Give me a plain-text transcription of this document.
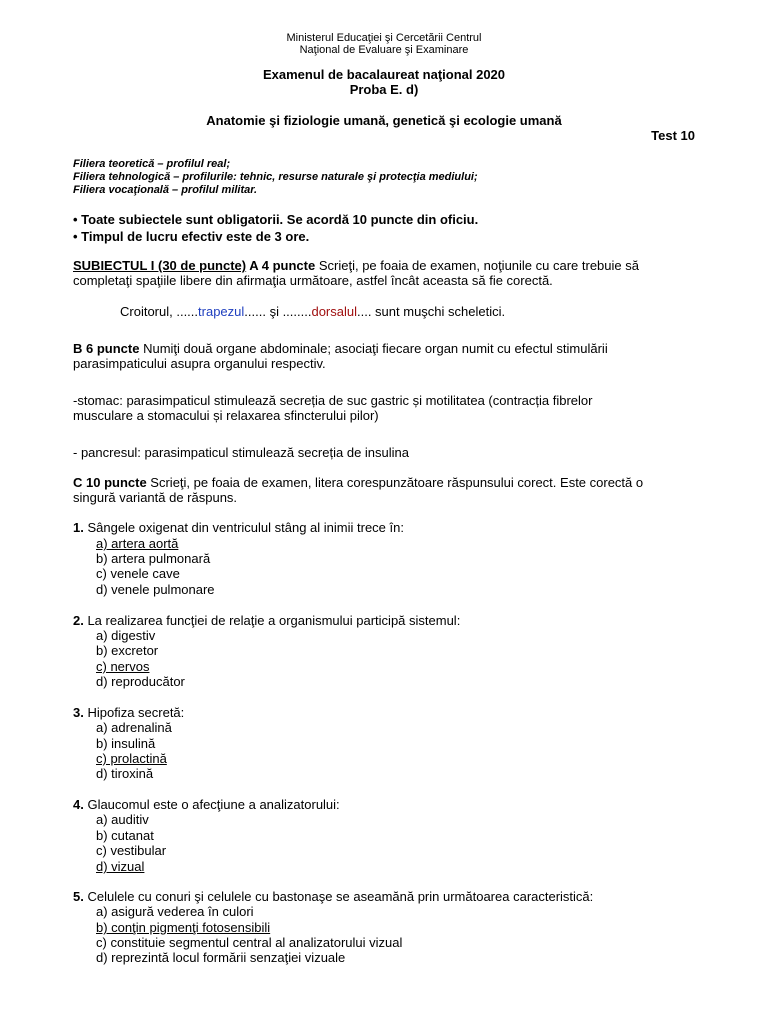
Ministerul Educaţiei şi Cercetării Centrul
Naţional de Evaluare şi Examinare
Examenul de bacalaureat naţional 2020
Proba E. d)
Anatomie şi fiziologie umană, genetică şi ecologie umană
Test 10
Filiera teoretică – profilul real;
Filiera tehnologică – profilurile: tehnic, resurse naturale şi protecţia mediului;
Filiera vocaţională – profilul militar.
• Toate subiectele sunt obligatorii. Se acordă 10 puncte din oficiu.
• Timpul de lucru efectiv este de 3 ore.
SUBIECTUL I (30 de puncte) A 4 puncte Scrieţi, pe foaia de examen, noţiunile cu care trebuie să
completaţi spaţiile libere din afirmaţia următoare, astfel încât aceasta să fie corectă.
Croitorul, ......trapezul...... şi ........dorsalul.... sunt muşchi scheletici.
B 6 puncte Numiţi două organe abdominale; asociaţi fiecare organ numit cu efectul stimulării
parasimpaticului asupra organului respectiv.
-stomac: parasimpaticul stimulează secreția de suc gastric și motilitatea (contracția fibrelor
musculare a stomacului și relaxarea sfincterului pilor)
- pancresul: parasimpaticul stimulează secreția de insulina
C 10 puncte Scrieţi, pe foaia de examen, litera corespunzătoare răspunsului corect. Este corectă o
singură variantă de răspuns.
1. Sângele oxigenat din ventriculul stâng al inimii trece în:
a) artera aortă
b) artera pulmonară
c) venele cave
d) venele pulmonare
2. La realizarea funcţiei de relaţie a organismului participă sistemul:
a) digestiv
b) excretor
c) nervos
d) reproducător
3. Hipofiza secretă:
a) adrenalină
b) insulină
c) prolactină
d) tiroxină
4. Glaucomul este o afecţiune a analizatorului:
a) auditiv
b) cutanat
c) vestibular
d) vizual
5. Celulele cu conuri şi celulele cu bastonaşe se aseamănă prin următoarea caracteristică:
a) asigură vederea în culori
b) conţin pigmenţi fotosensibili
c) constituie segmentul central al analizatorului vizual
d) reprezintă locul formării senzaţiei vizuale
